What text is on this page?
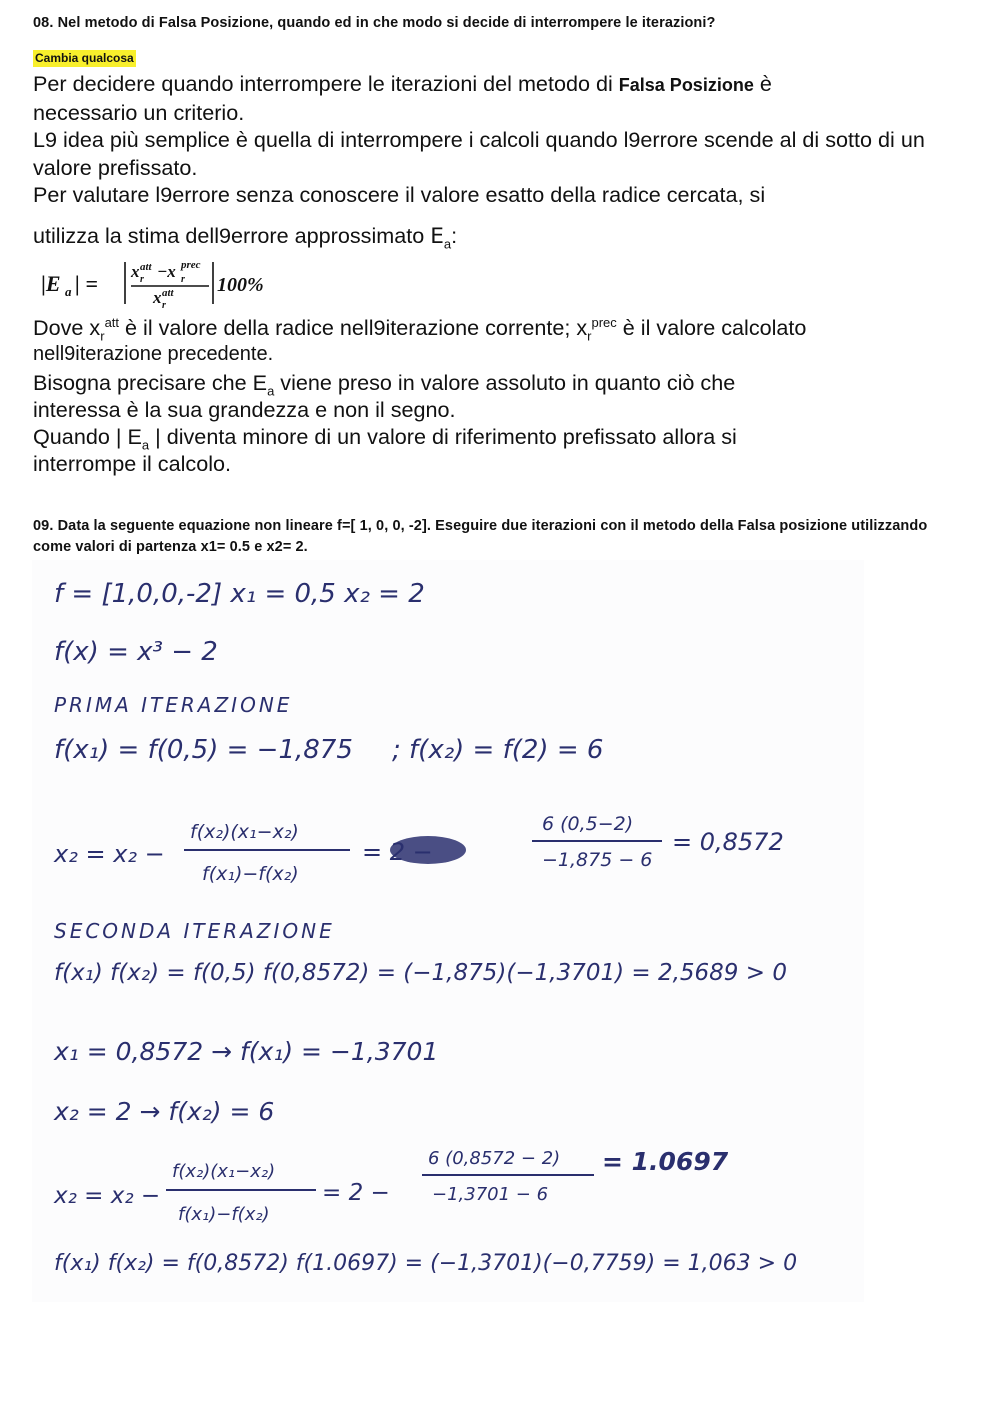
08. Nel metodo di Falsa Posizione, quando ed in che modo si decide di interrompere le iterazioni?

Cambia qualcosa

Per decidere quando interrompere le iterazioni del metodo di Falsa Posizione è

necessario un criterio.

L9 idea più semplice è quella di interrompere i calcoli quando l9errore scende al di sotto di un valore prefissato.

Per valutare l9errore senza conoscere il valore esatto della radice cercata, si

utilizza la stima dell9errore approssimato $E_a$:

|E a | = x att
r −x prec
r
x att
r
100%

Dove $x_r^{att}$ è il valore della radice nell9iterazione corrente; $x_r^{prec}$ è il valore calcolato

nell9iterazione precedente.

Bisogna precisare che $E_a$ viene preso in valore assoluto in quanto ciò che

interessa è la sua grandezza e non il segno.

Quando | $E_a$ | diventa minore di un valore di riferimento prefissato allora si

interrompe il calcolo.

09. Data la seguente equazione non lineare f=[ 1, 0, 0, -2]. Eseguire due iterazioni con il metodo della Falsa posizione utilizzando come valori di partenza x1= 0.5 e x2= 2.

f = [1,0,0,-2] x₁ = 0,5 x₂ = 2
f(x) = x³ − 2
PRIMA ITERAZIONE
f(x₁) = f(0,5) = −1,875 ; f(x₂) = f(2) = 6
x₂ = x₂ −
f(x₂)(x₁−x₂)
f(x₁)−f(x₂)
= 2 −
6 (0,5−2)
−1,875 − 6
= 0,8572
SECONDA ITERAZIONE
f(x₁) f(x₂) = f(0,5) f(0,8572) = (−1,875)(−1,3701) = 2,5689 > 0
x₁ = 0,8572 → f(x₁) = −1,3701
x₂ = 2 → f(x₂) = 6
x₂ = x₂ −
f(x₂)(x₁−x₂)
f(x₁)−f(x₂)
= 2 −
6 (0,8572 − 2)
−1,3701 − 6
= 1.0697
f(x₁) f(x₂) = f(0,8572) f(1.0697) = (−1,3701)(−0,7759) = 1,063 > 0
